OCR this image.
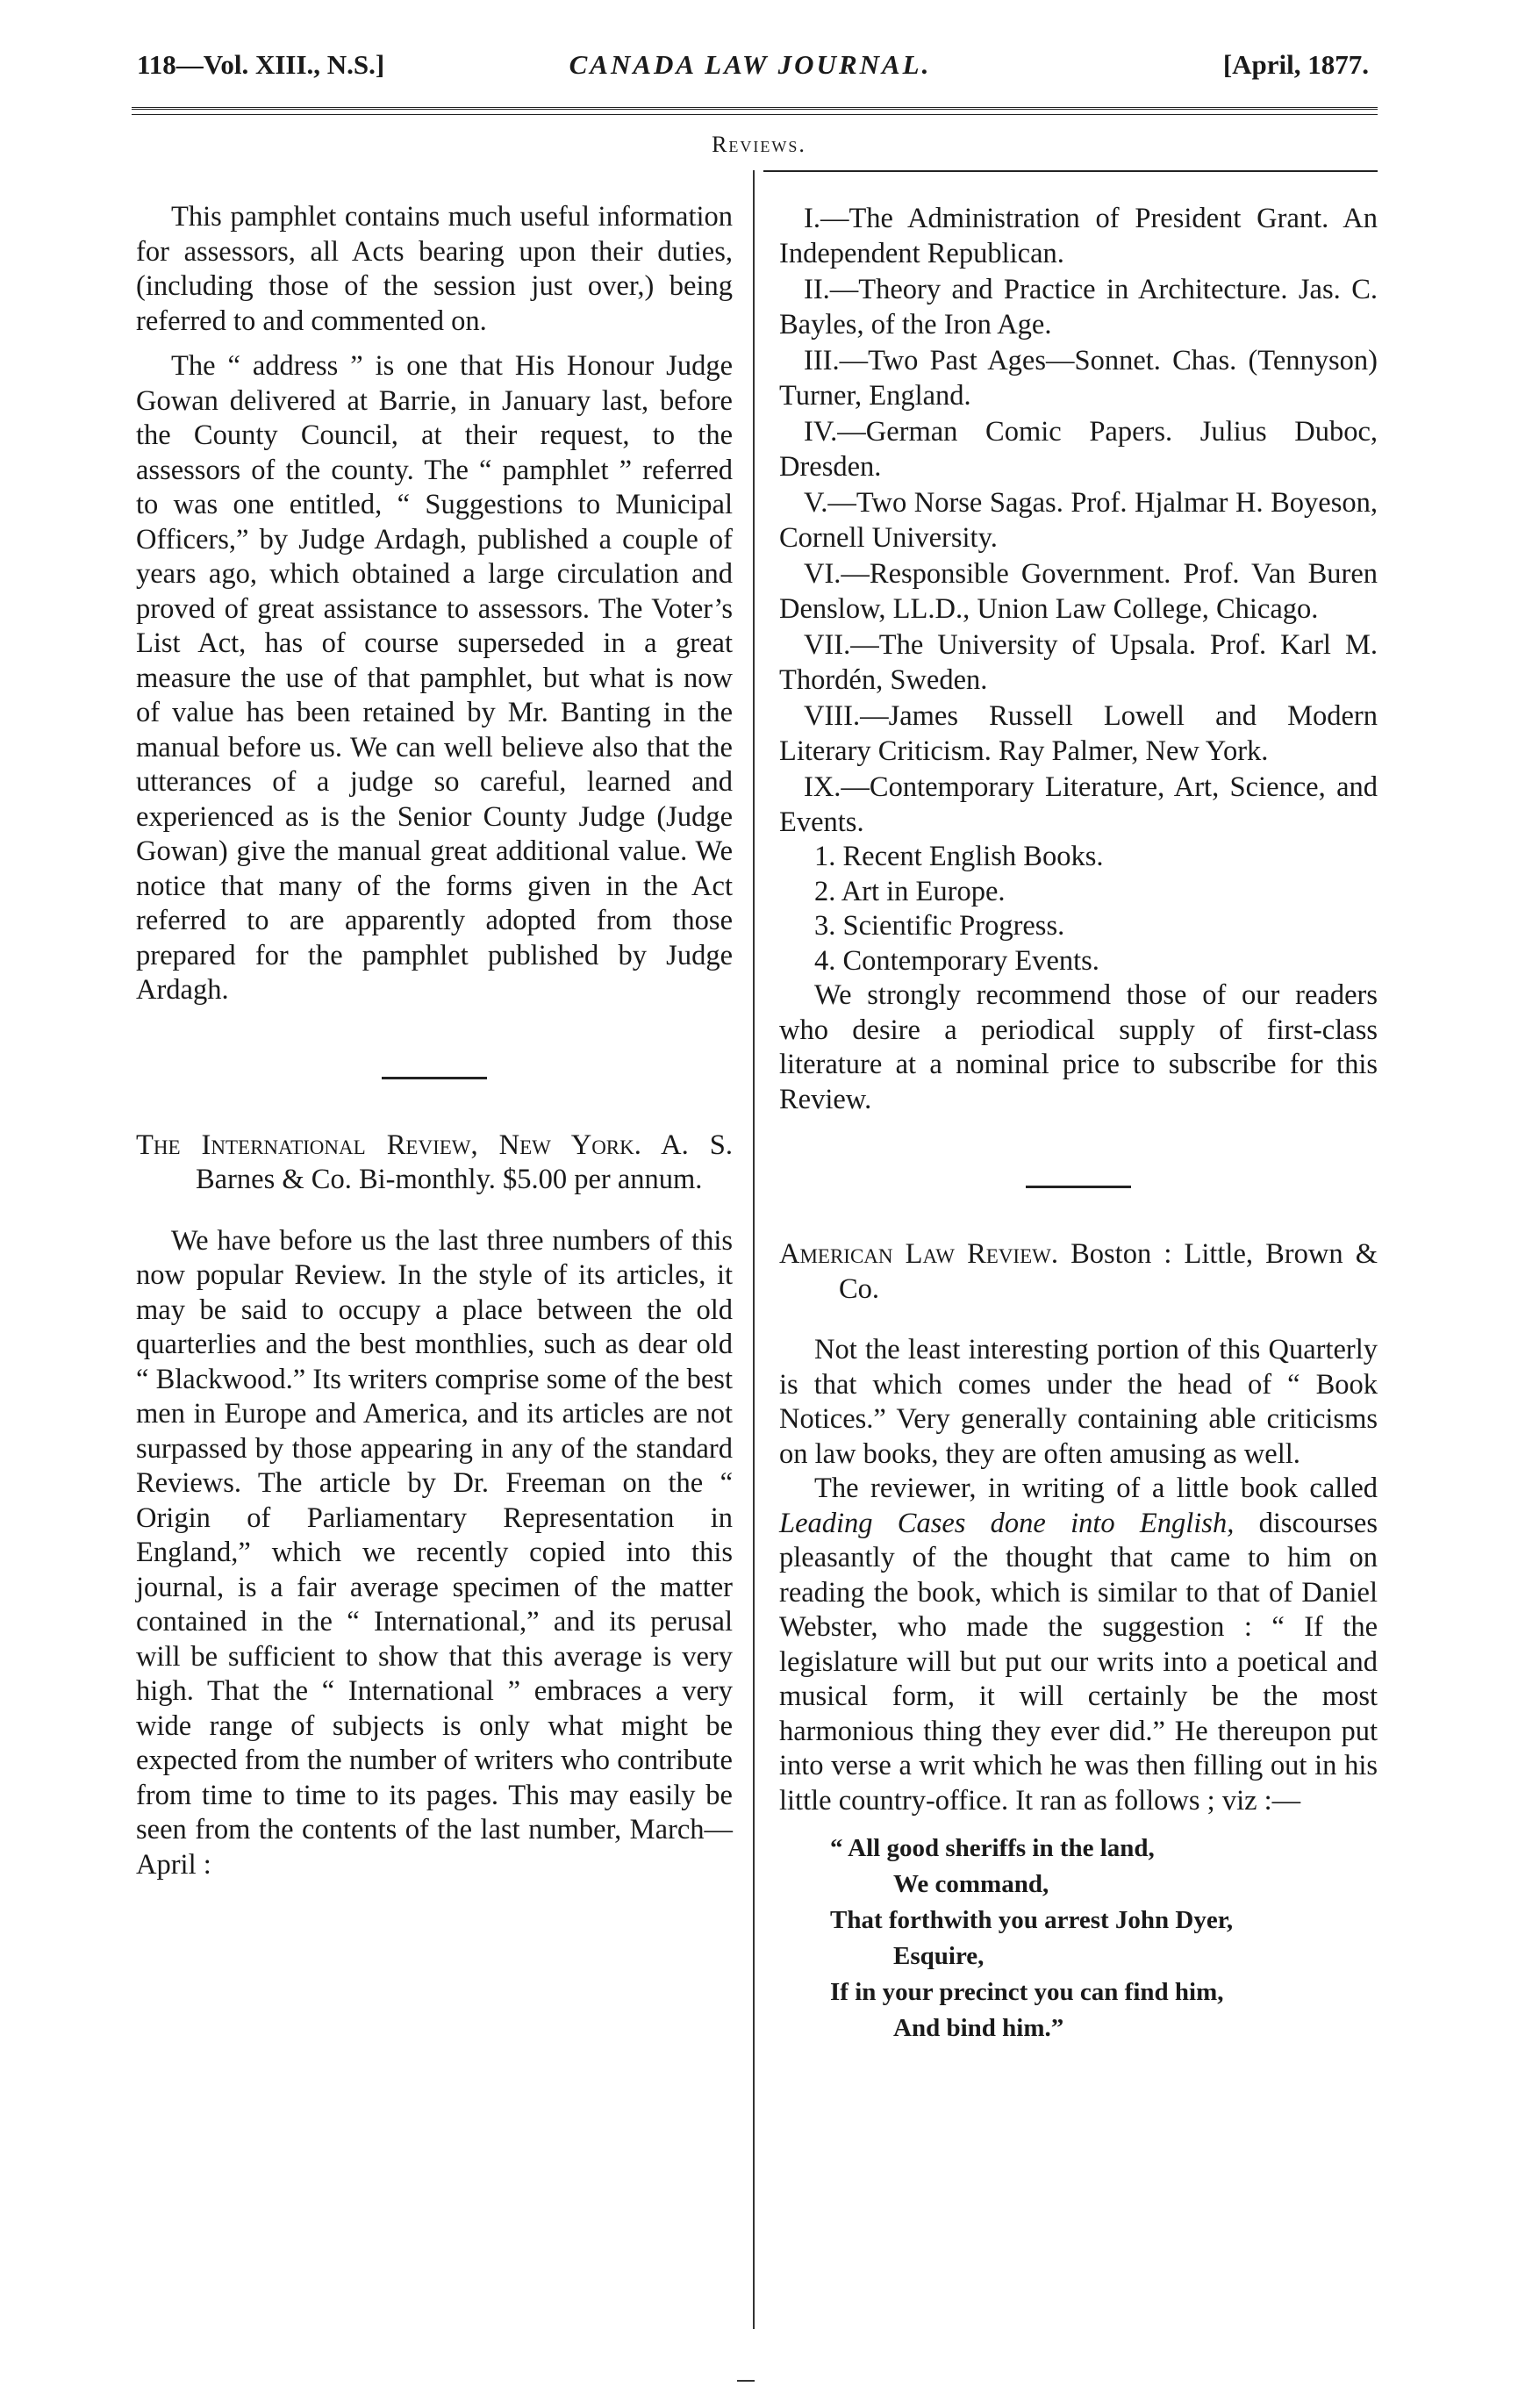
118—Vol. XIII., N.S.]	CANADA LAW JOURNAL.	[April, 1877.
Reviews.

This pamphlet contains much useful information for assessors, all Acts bearing upon their duties, (including those of the session just over,) being referred to and commented on.

The “ address ” is one that His Honour Judge Gowan delivered at Barrie, in January last, before the County Council, at their request, to the assessors of the county. The “ pamphlet ” referred to was one entitled, “ Suggestions to Municipal Officers,” by Judge Ardagh, published a couple of years ago, which obtained a large circulation and proved of great assistance to assessors. The Voter’s List Act, has of course superseded in a great measure the use of that pamphlet, but what is now of value has been retained by Mr. Banting in the manual before us. We can well believe also that the utterances of a judge so careful, learned and experienced as is the Senior County Judge (Judge Gowan) give the manual great additional value. We notice that many of the forms given in the Act referred to are apparently adopted from those prepared for the pamphlet published by Judge Ardagh.

The International Review, New York. A. S. Barnes & Co. Bi-monthly. $5.00 per annum.

We have before us the last three numbers of this now popular Review. In the style of its articles, it may be said to occupy a place between the old quarterlies and the best monthlies, such as dear old “ Blackwood.” Its writers comprise some of the best men in Europe and America, and its articles are not surpassed by those appearing in any of the standard Reviews. The article by Dr. Freeman on the “ Origin of Parliamentary Representation in England,” which we recently copied into this journal, is a fair average specimen of the matter contained in the “ International,” and its perusal will be sufficient to show that this average is very high. That the “ International ” embraces a very wide range of subjects is only what might be expected from the number of writers who contribute from time to time to its pages. This may easily be seen from the contents of the last number, March—April :

I.—The Administration of President Grant. An Independent Republican.

II.—Theory and Practice in Architecture. Jas. C. Bayles, of the Iron Age.

III.—Two Past Ages—Sonnet. Chas. (Tennyson) Turner, England.

IV.—German Comic Papers. Julius Duboc, Dresden.

V.—Two Norse Sagas. Prof. Hjalmar H. Boyeson, Cornell University.

VI.—Responsible Government. Prof. Van Buren Denslow, LL.D., Union Law College, Chicago.

VII.—The University of Upsala. Prof. Karl M. Thordén, Sweden.

VIII.—James Russell Lowell and Modern Literary Criticism. Ray Palmer, New York.

IX.—Contemporary Literature, Art, Science, and Events.

1. Recent English Books.

2. Art in Europe.

3. Scientific Progress.

4. Contemporary Events.

We strongly recommend those of our readers who desire a periodical supply of first-class literature at a nominal price to subscribe for this Review.

American Law Review. Boston : Little, Brown & Co.

Not the least interesting portion of this Quarterly is that which comes under the head of “ Book Notices.” Very generally containing able criticisms on law books, they are often amusing as well.

The reviewer, in writing of a little book called Leading Cases done into English, discourses pleasantly of the thought that came to him on reading the book, which is similar to that of Daniel Webster, who made the suggestion : “ If the legislature will but put our writs into a poetical and musical form, it will certainly be the most harmonious thing they ever did.” He thereupon put into verse a writ which he was then filling out in his little country-office. It ran as follows ; viz :—

“ All good sheriffs in the land,
We command,
That forthwith you arrest John Dyer,
Esquire,
If in your precinct you can find him,
And bind him.”
